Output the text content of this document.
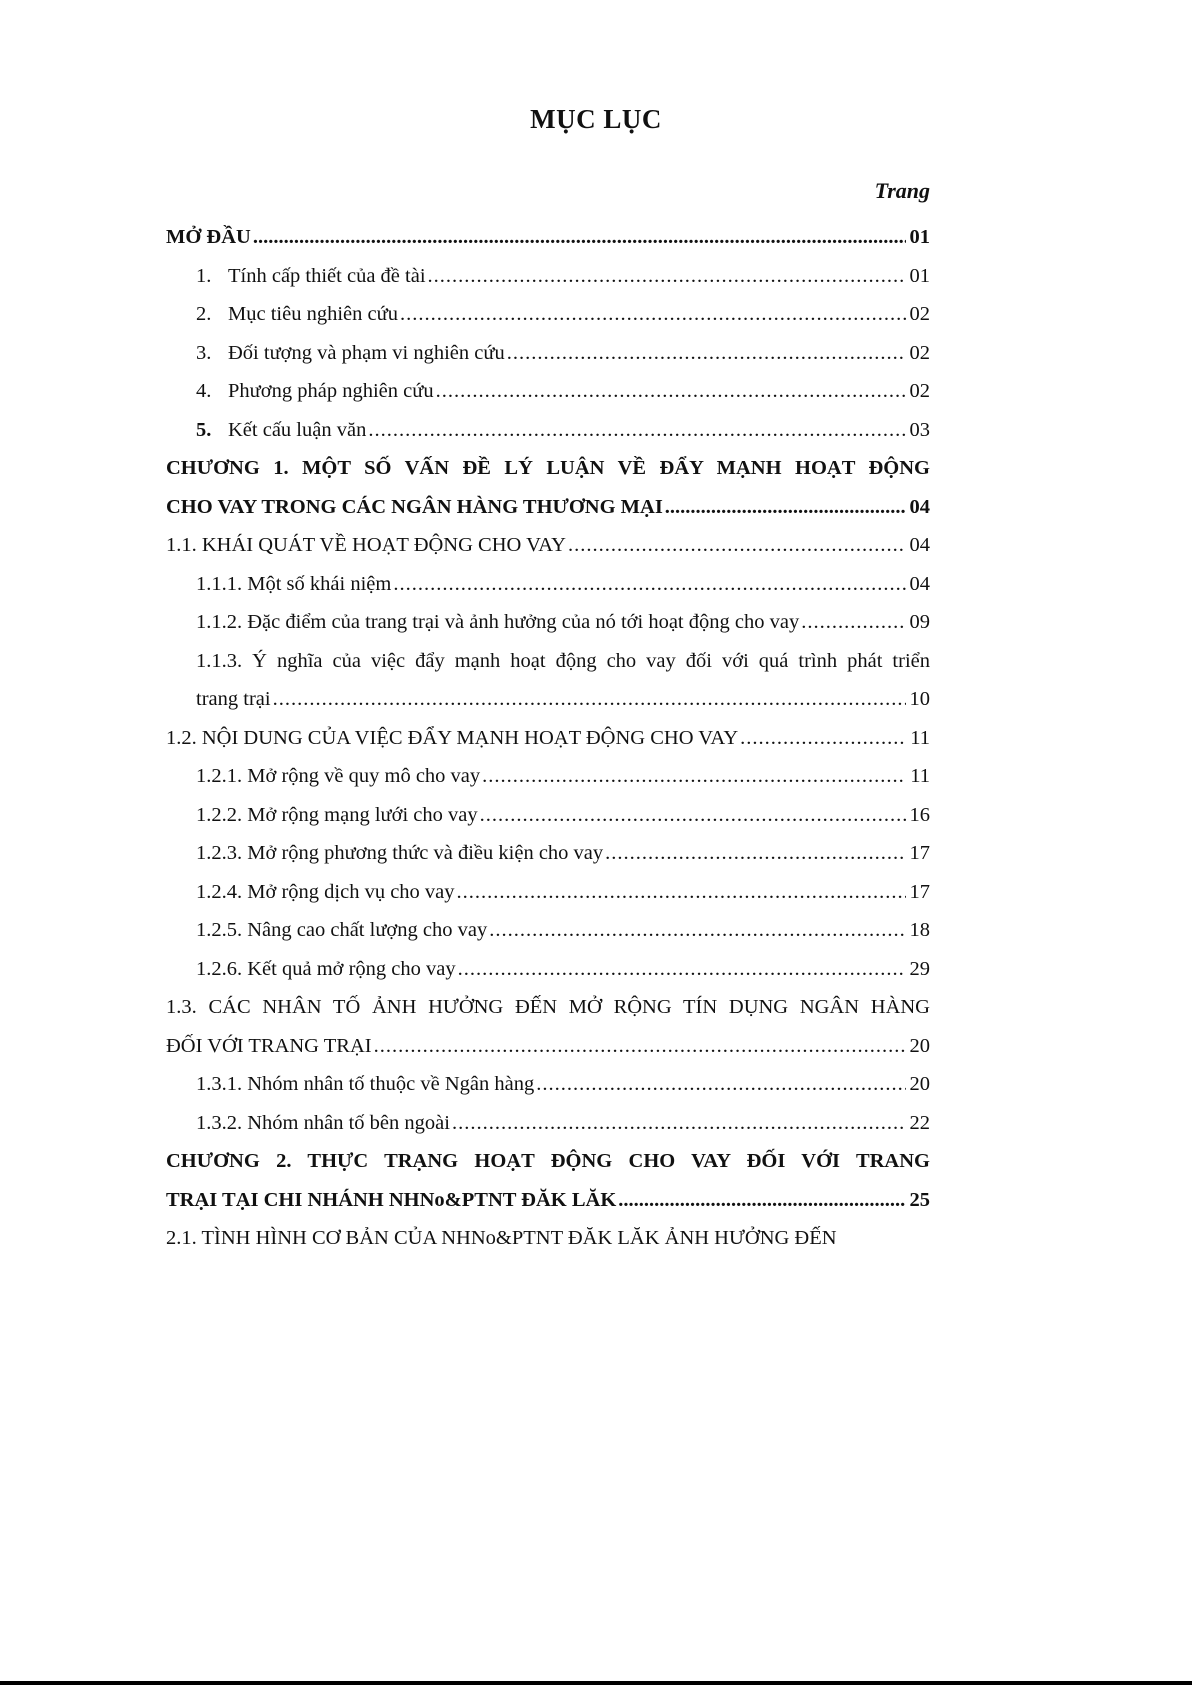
MỤC LỤC
Trang
MỞ ĐẦU .....	01
1. Tính cấp thiết của đề tài .....	01
2. Mục tiêu nghiên cứu .....	02
3. Đối tượng và phạm vi nghiên cứu .....	02
4. Phương pháp nghiên cứu .....	02
5. Kết cấu luận văn .....	03
CHƯƠNG 1. MỘT SỐ VẤN ĐỀ LÝ LUẬN VỀ ĐẨY MẠNH HOẠT ĐỘNG
CHO VAY TRONG CÁC NGÂN HÀNG THƯƠNG MẠI .....	04
1.1. KHÁI QUÁT VỀ HOẠT ĐỘNG CHO VAY .....	04
1.1.1. Một số khái niệm .....	04
1.1.2. Đặc điểm của trang trại và ảnh hưởng của nó tới hoạt động cho vay .....	09
1.1.3. Ý nghĩa của việc đẩy mạnh hoạt động cho vay đối với quá trình phát triển
trang trại .....	10
1.2. NỘI DUNG CỦA VIỆC ĐẨY MẠNH HOẠT ĐỘNG CHO VAY .....	11
1.2.1. Mở rộng về quy mô cho vay .....	11
1.2.2. Mở rộng mạng lưới cho vay .....	16
1.2.3. Mở rộng phương thức và điều kiện cho vay .....	17
1.2.4. Mở rộng dịch vụ cho vay .....	17
1.2.5. Nâng cao chất lượng cho vay .....	18
1.2.6. Kết quả mở rộng cho vay .....	29
1.3. CÁC NHÂN TỐ ẢNH HƯỞNG ĐẾN MỞ RỘNG TÍN DỤNG NGÂN HÀNG
ĐỐI VỚI TRANG TRẠI .....	20
1.3.1. Nhóm nhân tố thuộc về Ngân hàng .....	20
1.3.2. Nhóm nhân tố bên ngoài .....	22
CHƯƠNG 2. THỰC TRẠNG HOẠT ĐỘNG CHO VAY ĐỐI VỚI TRANG
TRẠI TẠI CHI NHÁNH NHNo&PTNT ĐĂK LĂK .....	25
2.1. TÌNH HÌNH CƠ BẢN CỦA NHNo&PTNT ĐĂK LĂK ẢNH HƯỞNG ĐẾN
